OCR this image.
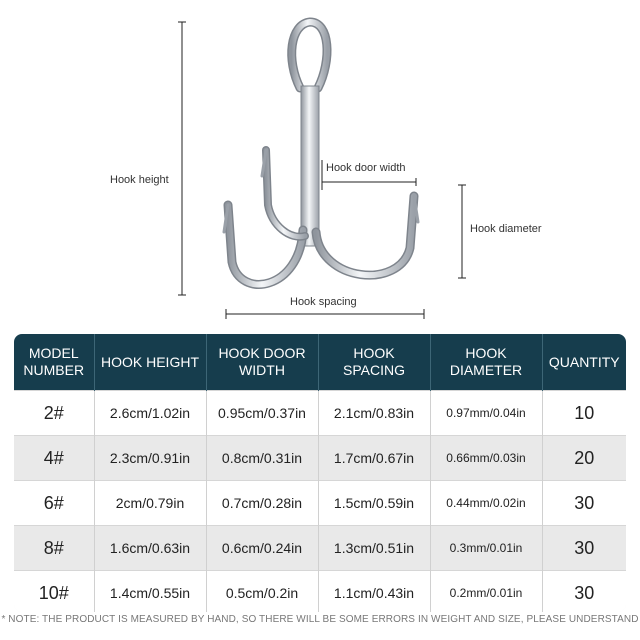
Hook height
Hook door width
Hook diameter
Hook spacing
MODEL NUMBER	HOOK HEIGHT	HOOK DOOR WIDTH	HOOK SPACING	HOOK DIAMETER	QUANTITY
2#	2.6cm/1.02in	0.95cm/0.37in	2.1cm/0.83in	0.97mm/0.04in	10
4#	2.3cm/0.91in	0.8cm/0.31in	1.7cm/0.67in	0.66mm/0.03in	20
6#	2cm/0.79in	0.7cm/0.28in	1.5cm/0.59in	0.44mm/0.02in	30
8#	1.6cm/0.63in	0.6cm/0.24in	1.3cm/0.51in	0.3mm/0.01in	30
10#	1.4cm/0.55in	0.5cm/0.2in	1.1cm/0.43in	0.2mm/0.01in	30
* NOTE: THE PRODUCT IS MEASURED BY HAND, SO THERE WILL BE SOME ERRORS IN WEIGHT AND SIZE, PLEASE UNDERSTAND
